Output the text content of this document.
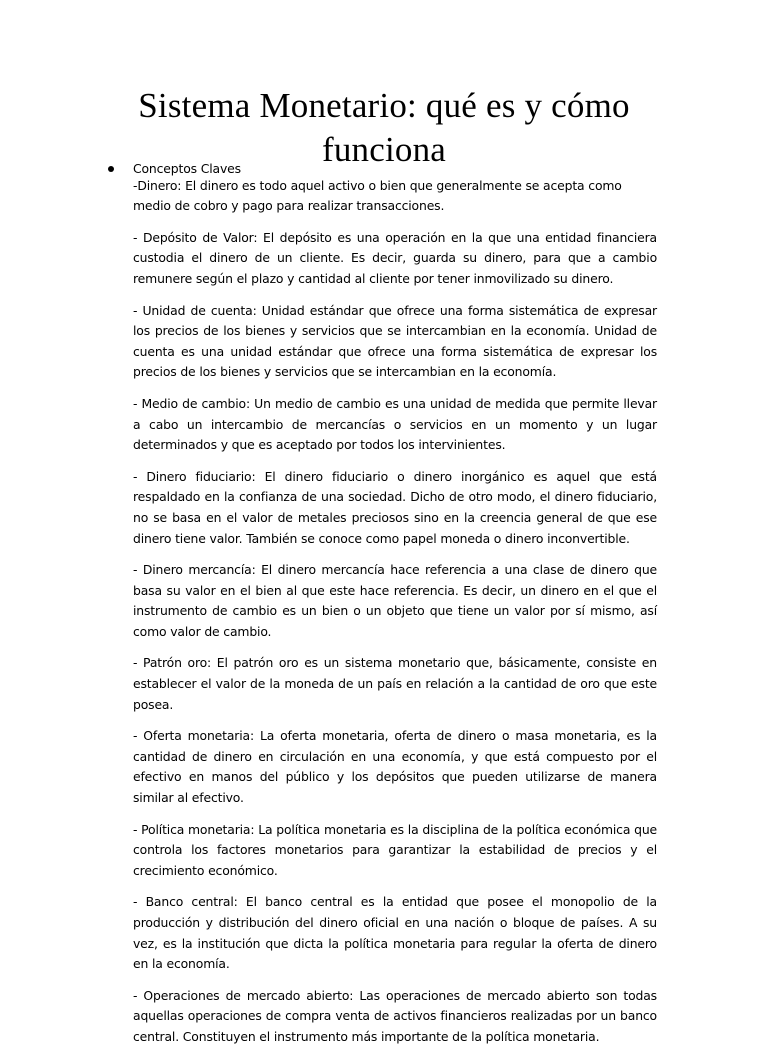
Sistema Monetario: qué es y cómo funciona
Conceptos Claves

-Dinero: El dinero es todo aquel activo o bien que generalmente se acepta como medio de cobro y pago para realizar transacciones.

- Depósito de Valor: El depósito es una operación en la que una entidad financiera custodia el dinero de un cliente. Es decir, guarda su dinero, para que a cambio remunere según el plazo y cantidad al cliente por tener inmovilizado su dinero.

- Unidad de cuenta: Unidad estándar que ofrece una forma sistemática de expresar los precios de los bienes y servicios que se intercambian en la economía. Unidad de cuenta es una unidad estándar que ofrece una forma sistemática de expresar los precios de los bienes y servicios que se intercambian en la economía.

- Medio de cambio: Un medio de cambio es una unidad de medida que permite llevar a cabo un intercambio de mercancías o servicios en un momento y un lugar determinados y que es aceptado por todos los intervinientes.

- Dinero fiduciario: El dinero fiduciario o dinero inorgánico es aquel que está respaldado en la confianza de una sociedad. Dicho de otro modo, el dinero fiduciario, no se basa en el valor de metales preciosos sino en la creencia general de que ese dinero tiene valor. También se conoce como papel moneda o dinero inconvertible.

- Dinero mercancía: El dinero mercancía hace referencia a una clase de dinero que basa su valor en el bien al que este hace referencia. Es decir, un dinero en el que el instrumento de cambio es un bien o un objeto que tiene un valor por sí mismo, así como valor de cambio.

- Patrón oro: El patrón oro es un sistema monetario que, básicamente, consiste en establecer el valor de la moneda de un país en relación a la cantidad de oro que este posea.

- Oferta monetaria: La oferta monetaria, oferta de dinero o masa monetaria, es la cantidad de dinero en circulación en una economía, y que está compuesto por el efectivo en manos del público y los depósitos que pueden utilizarse de manera similar al efectivo.

- Política monetaria: La política monetaria es la disciplina de la política económica que controla los factores monetarios para garantizar la estabilidad de precios y el crecimiento económico.

- Banco central: El banco central es la entidad que posee el monopolio de la producción y distribución del dinero oficial en una nación o bloque de países. A su vez, es la institución que dicta la política monetaria para regular la oferta de dinero en la economía.

- Operaciones de mercado abierto: Las operaciones de mercado abierto son todas aquellas operaciones de compra venta de activos financieros realizadas por un banco central. Constituyen el instrumento más importante de la política monetaria.
